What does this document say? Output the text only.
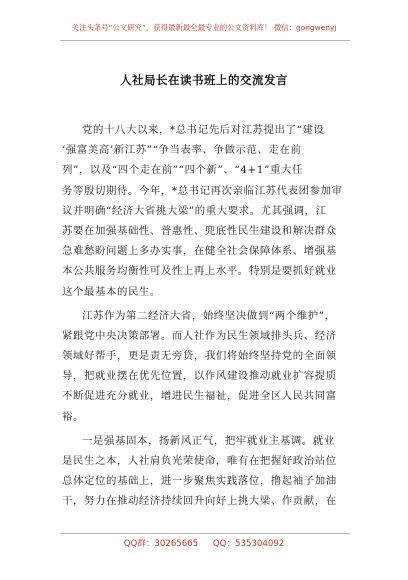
关注头条号“公文研究”，获得最新最全最专业的公文资料库！ 微信：gongwenyj
人社局长在读书班上的交流发言
党的十八大以来，*总书记先后对江苏提出了“建设
‘强富美高’新江苏”“争当表率、争做示范、走在前
列”，以及“四个走在前”“四个新”、“4+1”重大任
务等殷切期待。今年，*总书记再次亲临江苏代表团参加审
议并明确“经济大省挑大梁”的重大要求。尤其强调，江
苏要在加强基础性、普惠性、兜底性民生建设和解决群众
急难愁盼问题上多办实事，在健全社会保障体系、增强基
本公共服务均衡性可及性上再上水平。特别是要抓好就业
这个最基本的民生。
江苏作为第二经济大省，始终坚决做到“两个维护”，
紧跟党中央决策部署。而人社作为民生领域排头兵、经济
领域好帮手，更是责无旁贷，我们将始终坚持党的全面领
导，把就业摆在优先位置，以作风建设推动就业扩容提质
不断促进充分就业，增进民生福祉，促进全区人民共同富
裕。
一是强基固本，扬新风正气，把牢就业主基调。就业
是民生之本，人社肩负光荣使命，唯有在把握好政治站位
总体定位的基础上，进一步聚焦实践落位，撸起袖子加油
干，努力在推动经济持续回升向好上挑大梁、作贡献，在
QQ群：30265665 QQ：535304092
